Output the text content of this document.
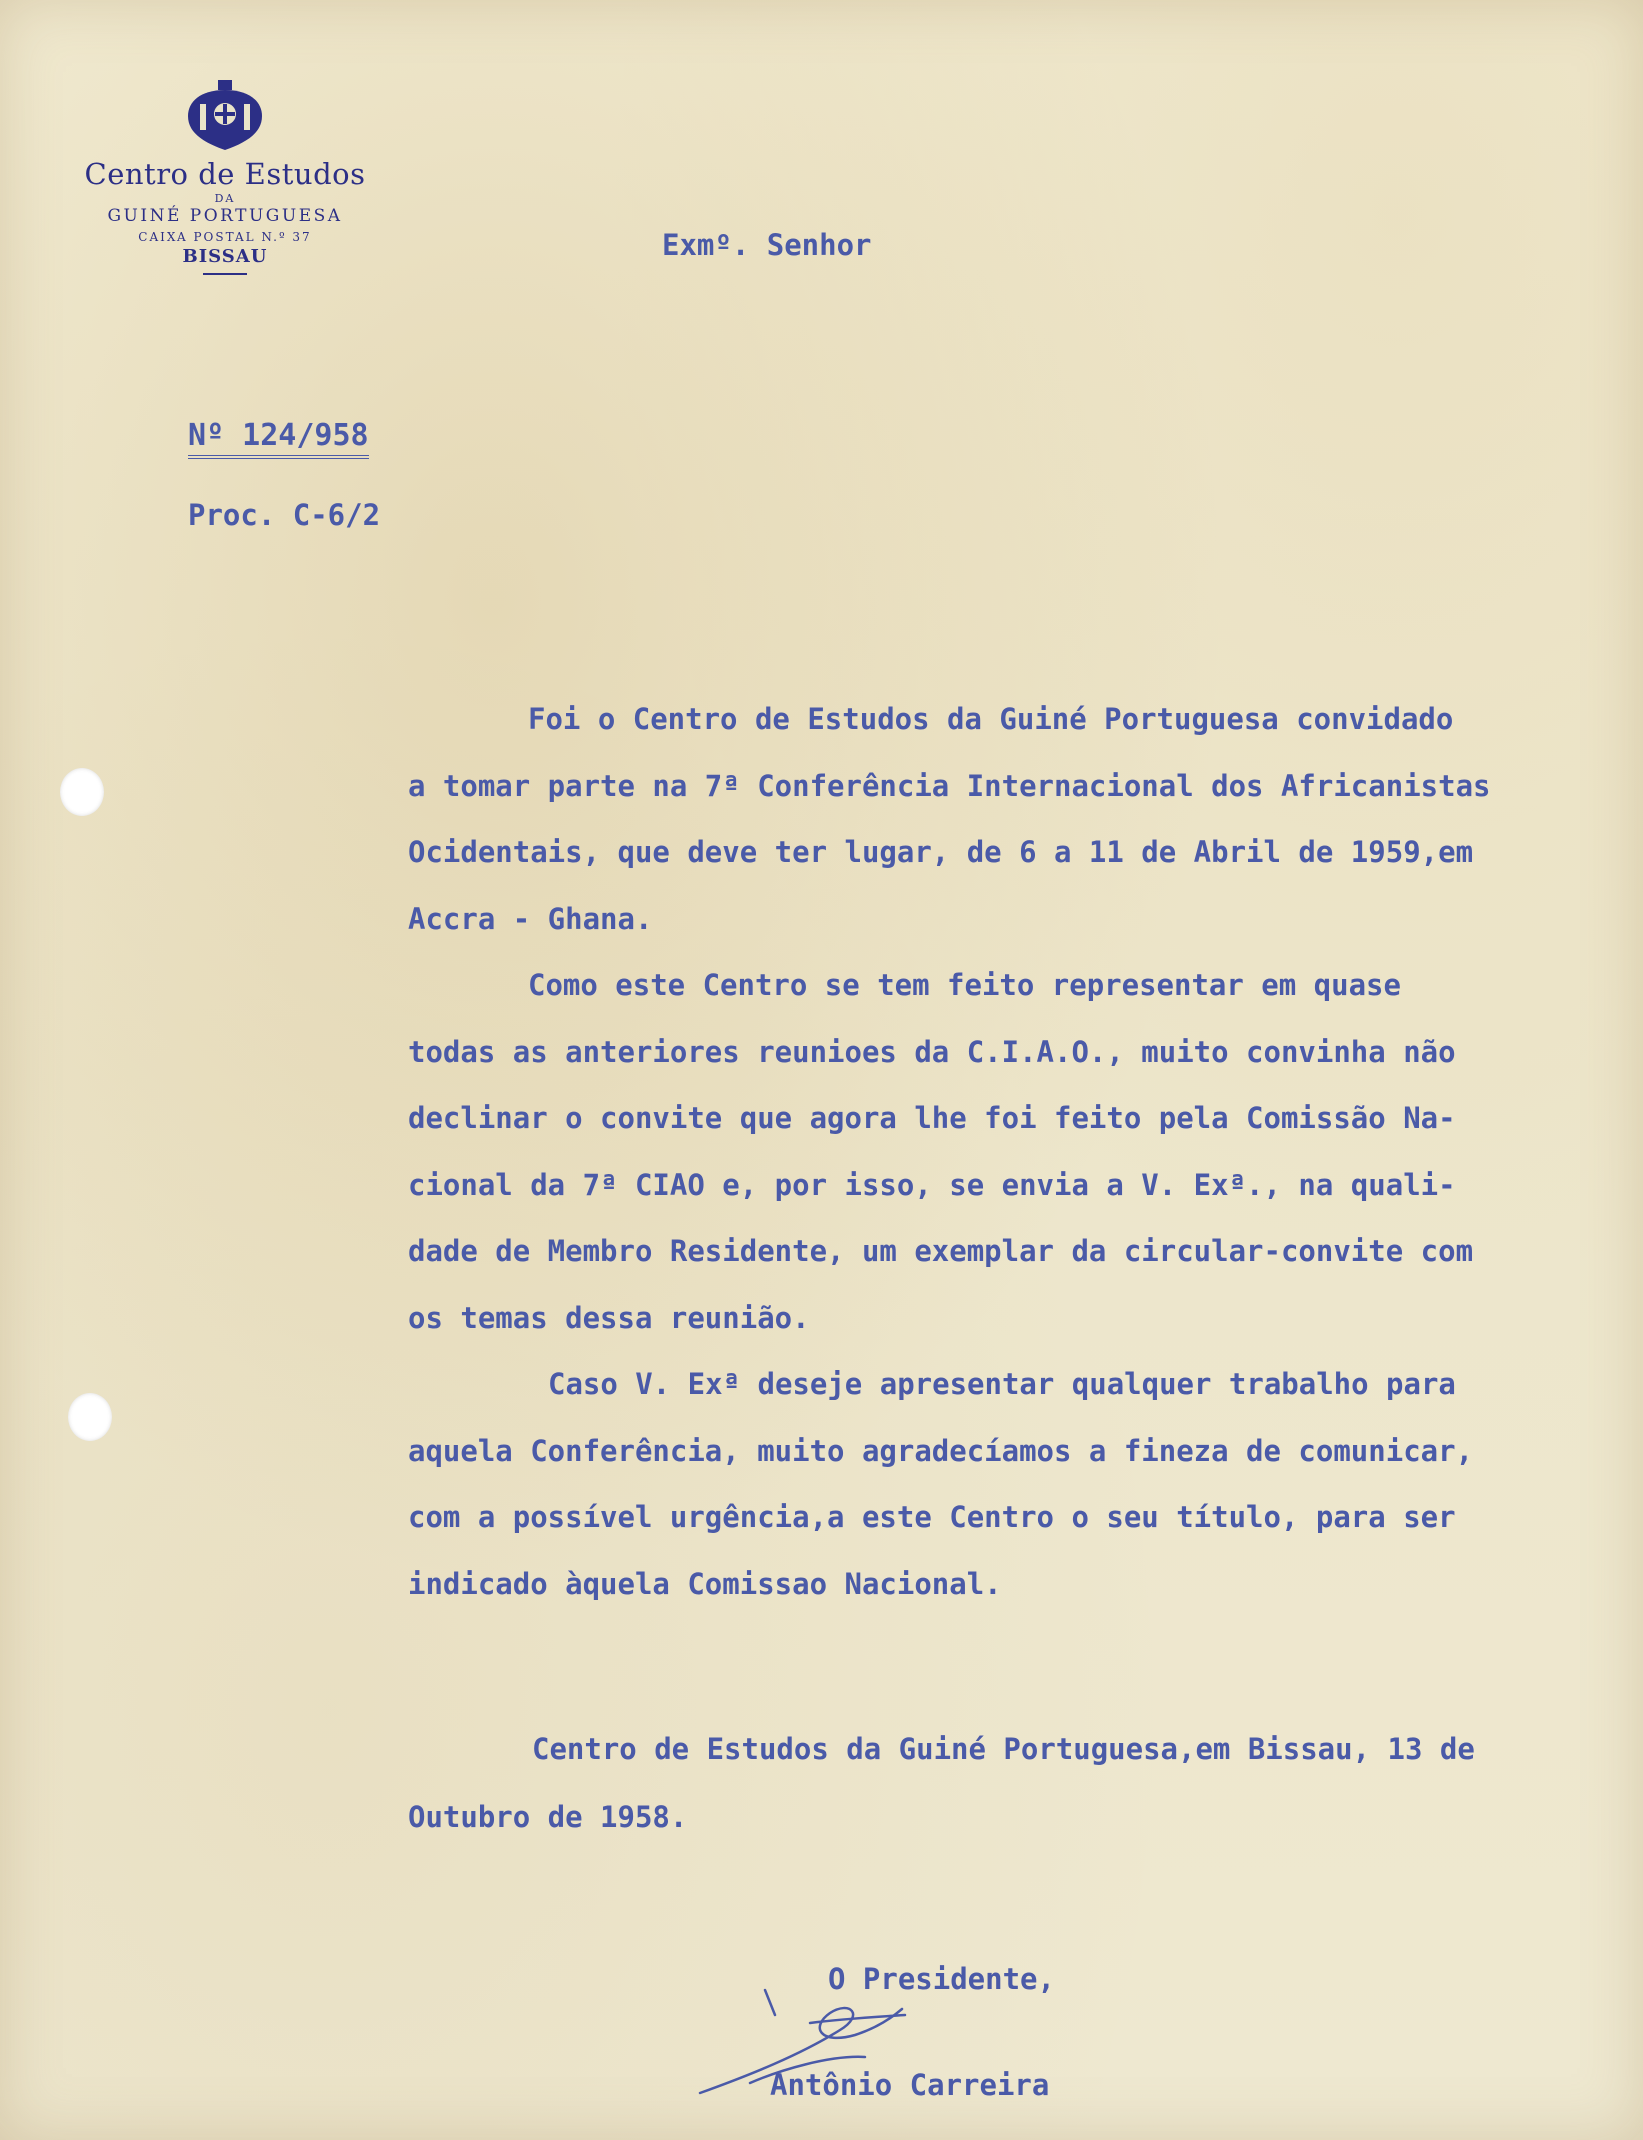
Centro de Estudos
DA
GUINÉ PORTUGUESA
CAIXA POSTAL N.º 37
BISSAU	Exmº. Senhor
Nº 124/958
Proc. C-6/2
Foi o Centro de Estudos da Guiné Portuguesa convidado
a tomar parte na 7ª Conferência Internacional dos Africanistas
Ocidentais, que deve ter lugar, de 6 a 11 de Abril de 1959,em
Accra - Ghana.
Como este Centro se tem feito representar em quase
todas as anteriores reunioes da C.I.A.O., muito convinha não
declinar o convite que agora lhe foi feito pela Comissão Na-
cional da 7ª CIAO e, por isso, se envia a V. Exª., na quali-
dade de Membro Residente, um exemplar da circular-convite com
os temas dessa reunião.
Caso V. Exª deseje apresentar qualquer trabalho para
aquela Conferência, muito agradecíamos a fineza de comunicar,
com a possível urgência,a este Centro o seu título, para ser
indicado àquela Comissao Nacional.
Centro de Estudos da Guiné Portuguesa,em Bissau, 13 de
Outubro de 1958.
O Presidente,
Antônio Carreira
